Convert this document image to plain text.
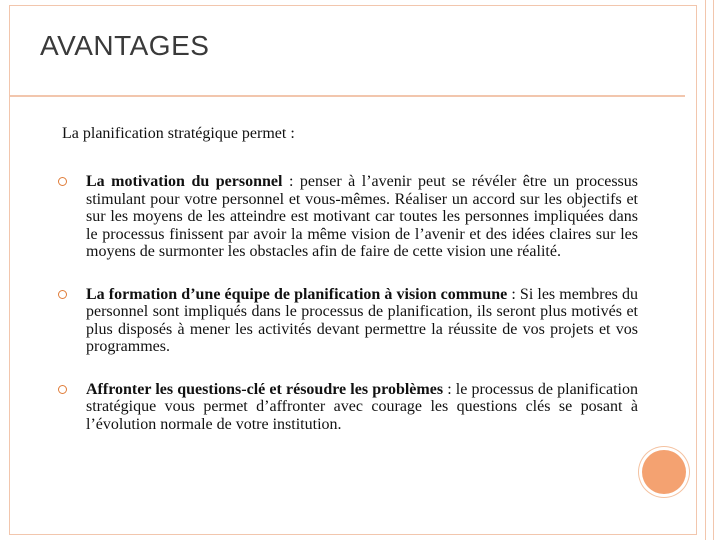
AVANTAGES
La planification stratégique permet :
La motivation du personnel : penser à l’avenir peut se révéler être un processus stimulant pour votre personnel et vous-mêmes. Réaliser un accord sur les objectifs et sur les moyens de les atteindre est motivant car toutes les personnes impliquées dans le processus finissent par avoir la même vision de l’avenir et des idées claires sur les moyens de surmonter les obstacles afin de faire de cette vision une réalité.
La formation d’une équipe de planification à vision commune : Si les membres du personnel sont impliqués dans le processus de planification, ils seront plus motivés et plus disposés à mener les activités devant permettre la réussite de vos projets et vos programmes.
Affronter les questions-clé et résoudre les problèmes : le processus de planification stratégique vous permet d’affronter avec courage les questions clés se posant à l’évolution normale de votre institution.
